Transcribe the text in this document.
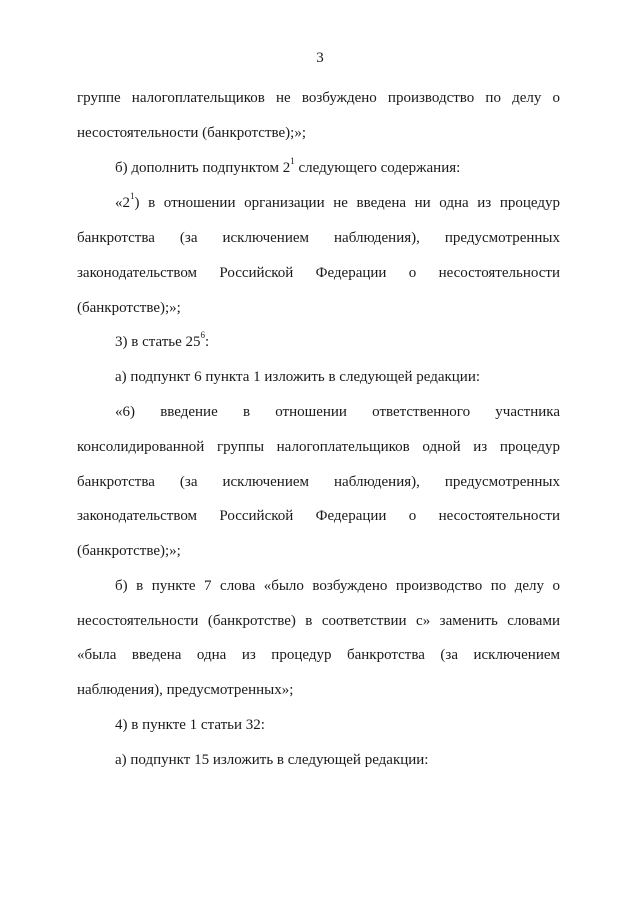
3
группе налогоплательщиков не возбуждено производство по делу о
несостоятельности (банкротстве);»;
б) дополнить подпунктом $2^1$ следующего содержания:
«$2^1$) в отношении организации не введена ни одна из процедур
банкротства (за исключением наблюдения), предусмотренных
законодательством Российской Федерации о несостоятельности
(банкротстве);»;
3) в статье $25^6$:
а) подпункт 6 пункта 1 изложить в следующей редакции:
«6) введение в отношении ответственного участника
консолидированной группы налогоплательщиков одной из процедур
банкротства (за исключением наблюдения), предусмотренных
законодательством Российской Федерации о несостоятельности
(банкротстве);»;
б) в пункте 7 слова «было возбуждено производство по делу о
несостоятельности (банкротстве) в соответствии с» заменить словами
«была введена одна из процедур банкротства (за исключением
наблюдения), предусмотренных»;
4) в пункте 1 статьи 32:
а) подпункт 15 изложить в следующей редакции:
